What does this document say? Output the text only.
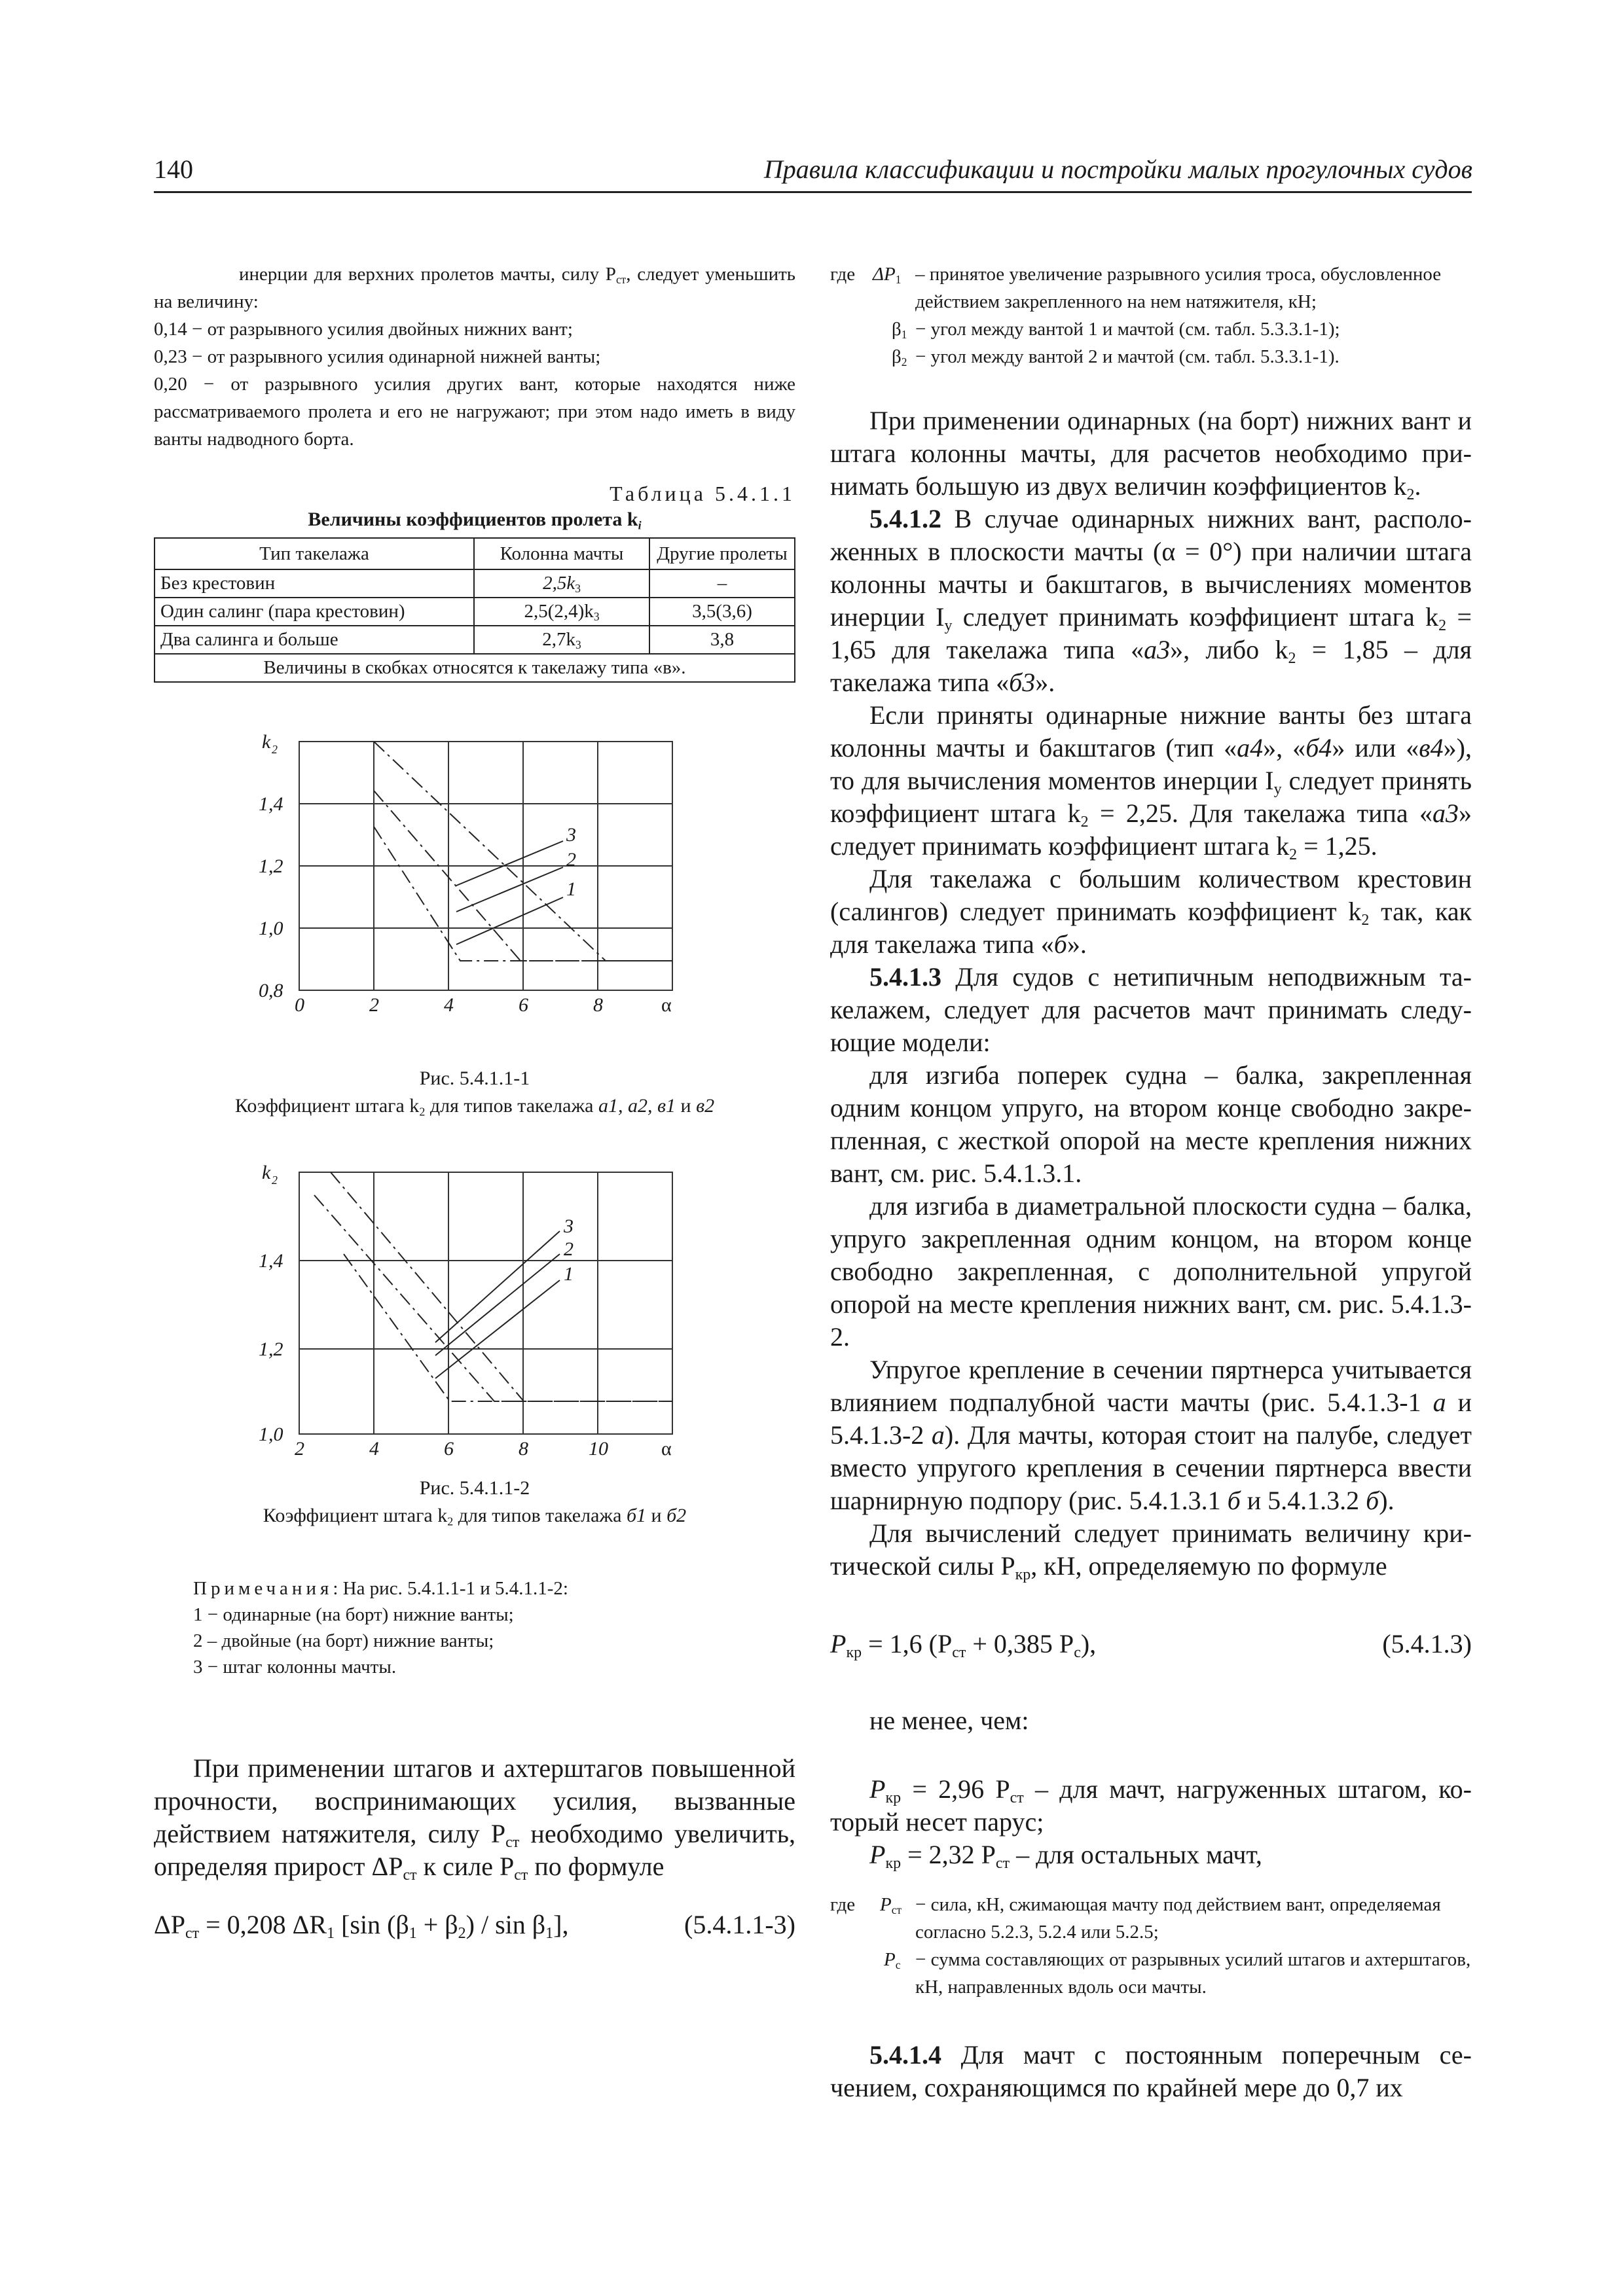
140	Правила классификации и постройки малых прогулочных судов

инерции для верхних пролетов мачты, силу $P_{ст}$, следует уменьшить на величину:

0,14 − от разрывного усилия двойных нижних вант;

0,23 − от разрывного усилия одинарной нижней ванты;

0,20 − от разрывного усилия других вант, которые находятся ниже рассматриваемого пролета и его не нагружают; при этом надо иметь в виду ванты надводного борта.

Таблица 5.4.1.1
Величины коэффициентов пролета $k_i$
Тип такелажа	Колонна мачты	Другие пролеты
Без крестовин	$2,5k_3$	–
Один салинг (пара крестовин)	$2,5(2,4)k_3$	3,5(3,6)
Два салинга и больше	$2,7k_3$	3,8
Величины в скобках относятся к такелажу типа «в».		
3
2
1
k 2
1,4
1,2
1,0
0,8
0	2	4	6	8	α
Рис. 5.4.1.1-1
Коэффициент штага $k_2$ для типов такелажа а1, а2, в1 и в2
3
2
1
k 2
1,4
1,2
1,0
2	4	6	8	10	α
Рис. 5.4.1.1-2
Коэффициент штага $k_2$ для типов такелажа б1 и б2
Примечания: На рис. 5.4.1.1-1 и 5.4.1.1-2:
1 − одинарные (на борт) нижние ванты;
2 – двойные (на борт) нижние ванты;
3 − штаг колонны мачты.

При применении штагов и ахтерштагов повышенной прочности, воспринимающих усилия, вызванные действием натяжителя, силу $P_{ст}$ необходимо увеличить, определяя прирост $\Delta P_{ст}$ к силе $P_{ст}$ по формуле

$\Delta P_{ст} = 0,208$ $\Delta R_1$ [sin $(\beta_1 + \beta_2) / \sin \beta_1$],	(5.4.1.1-3)
где $\Delta P_1$ – принятое увеличение разрывного усилия троса, обусловленное действием закрепленного на нем натяжителя, кН;
$\beta_1$ − угол между вантой 1 и мачтой (см. табл. 5.3.3.1-1);
$\beta_2$ − угол между вантой 2 и мачтой (см. табл. 5.3.3.1-1).

При применении одинарных (на борт) нижних вант и штага колонны мачты, для расчетов необходимо принимать большую из двух величин коэффициентов $k_2$.

5.4.1.2 В случае одинарных нижних вант, расположенных в плоскости мачты (α = 0°) при наличии штага колонны мачты и бакштагов, в вычислениях моментов инерции $I_y$ следует принимать коэффициент штага $k_2 = 1,65$ для такелажа типа «а3», либо $k_2 = 1,85$ – для такелажа типа «б3».

Если приняты одинарные нижние ванты без штага колонны мачты и бакштагов (тип «а4», «б4» или «в4»), то для вычисления моментов инерции $I_y$ следует принять коэффициент штага $k_2 = 2,25$. Для такелажа типа «а3» следует принимать коэффициент штага $k_2 = 1,25$.

Для такелажа с большим количеством крестовин (салингов) следует принимать коэффициент $k_2$ так, как для такелажа типа «б».

5.4.1.3 Для судов с нетипичным неподвижным такелажем, следует для расчетов мачт принимать следующие модели:

для изгиба поперек судна – балка, закрепленная одним концом упруго, на втором конце свободно закрепленная, с жесткой опорой на месте крепления нижних вант, см. рис. 5.4.1.3.1.

для изгиба в диаметральной плоскости судна – балка, упруго закрепленная одним концом, на втором конце свободно закрепленная, с дополнительной упругой опорой на месте крепления нижних вант, см. рис. 5.4.1.3-2.

Упругое крепление в сечении пяртнерса учитывается влиянием подпалубной части мачты (рис. 5.4.1.3-1 а и 5.4.1.3-2 а). Для мачты, которая стоит на палубе, следует вместо упругого крепления в сечении пяртнерса ввести шарнирную подпору (рис. 5.4.1.3.1 б и 5.4.1.3.2 б).

Для вычислений следует принимать величину критической силы $P_{кр}$, кН, определяемую по формуле

$P_{кр} = 1,6$ ($P_{ст} + 0,385$ $P_с$),	(5.4.1.3)

не менее, чем:

$P_{кр} = 2,96$ $P_{ст}$ – для мачт, нагруженных штагом, который несет парус;

$P_{кр} = 2,32$ $P_{ст}$ – для остальных мачт,

где $P_{ст}$ − сила, кН, сжимающая мачту под действием вант, определяемая согласно 5.2.3, 5.2.4 или 5.2.5;
$P_с$ − сумма составляющих от разрывных усилий штагов и ахтерштагов, кН, направленных вдоль оси мачты.

5.4.1.4 Для мачт с постоянным поперечным сечением, сохраняющимся по крайней мере до 0,7 их
